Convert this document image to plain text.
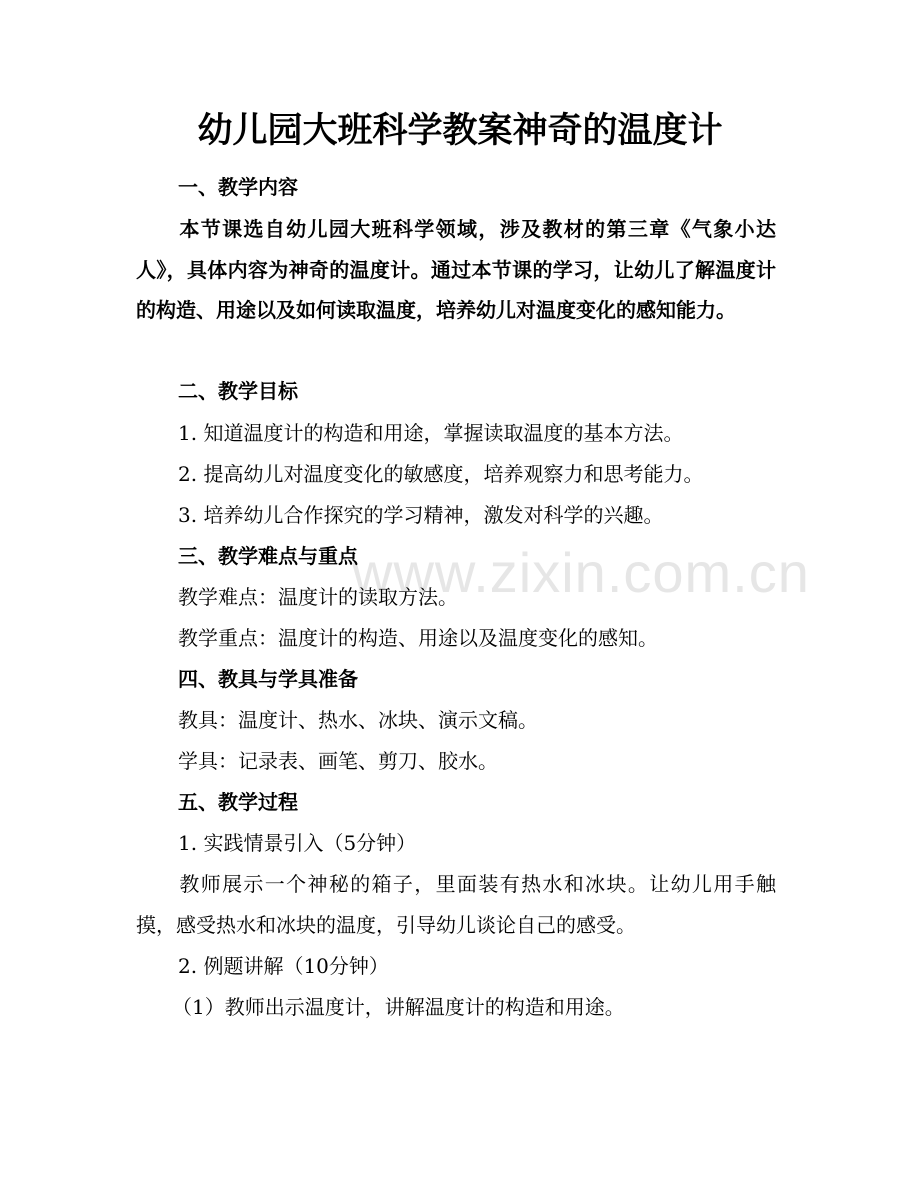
www.zixin.com.cn
幼儿园大班科学教案神奇的温度计
一、教学内容
本节课选自幼儿园大班科学领域，涉及教材的第三章《气象小达人》，具体内容为神奇的温度计。通过本节课的学习，让幼儿了解温度计的构造、用途以及如何读取温度，培养幼儿对温度变化的感知能力。
二、教学目标
1. 知道温度计的构造和用途，掌握读取温度的基本方法。
2. 提高幼儿对温度变化的敏感度，培养观察力和思考能力。
3. 培养幼儿合作探究的学习精神，激发对科学的兴趣。
三、教学难点与重点
教学难点：温度计的读取方法。
教学重点：温度计的构造、用途以及温度变化的感知。
四、教具与学具准备
教具：温度计、热水、冰块、演示文稿。
学具：记录表、画笔、剪刀、胶水。
五、教学过程
1. 实践情景引入（5分钟）
教师展示一个神秘的箱子，里面装有热水和冰块。让幼儿用手触摸，感受热水和冰块的温度，引导幼儿谈论自己的感受。
2. 例题讲解（10分钟）
（1）教师出示温度计，讲解温度计的构造和用途。
